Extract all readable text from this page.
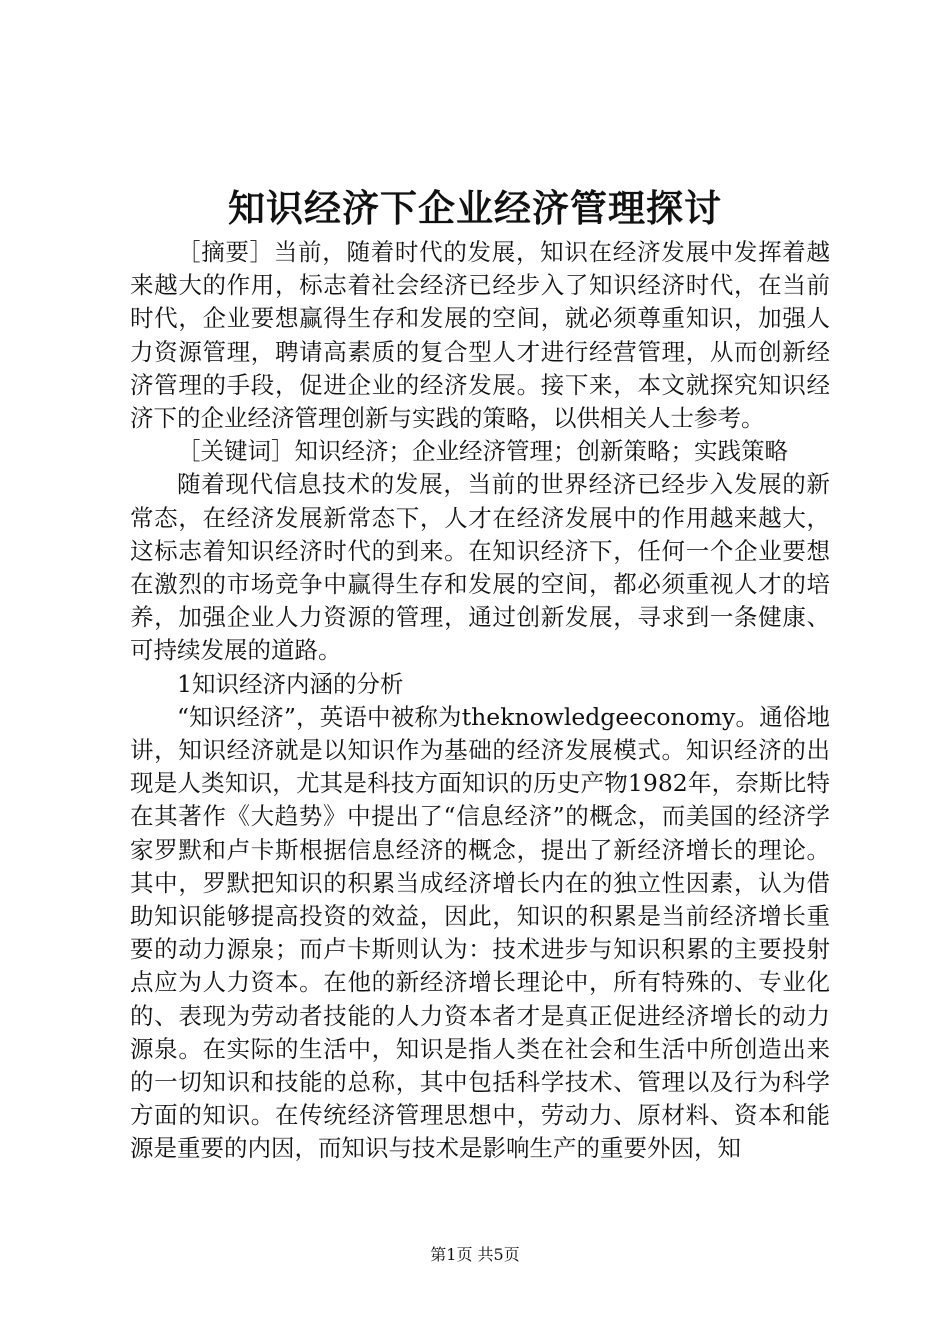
知识经济下企业经济管理探讨

［摘要］当前，随着时代的发展，知识在经济发展中发挥着越来越大的作用，标志着社会经济已经步入了知识经济时代，在当前时代，企业要想赢得生存和发展的空间，就必须尊重知识，加强人力资源管理，聘请高素质的复合型人才进行经营管理，从而创新经济管理的手段，促进企业的经济发展。接下来，本文就探究知识经济下的企业经济管理创新与实践的策略，以供相关人士参考。

［关键词］知识经济；企业经济管理；创新策略；实践策略

随着现代信息技术的发展，当前的世界经济已经步入发展的新常态，在经济发展新常态下，人才在经济发展中的作用越来越大，这标志着知识经济时代的到来。在知识经济下，任何一个企业要想在激烈的市场竞争中赢得生存和发展的空间，都必须重视人才的培养，加强企业人力资源的管理，通过创新发展，寻求到一条健康、可持续发展的道路。

1知识经济内涵的分析

“知识经济”，英语中被称为theknowledgeeconomy。通俗地讲，知识经济就是以知识作为基础的经济发展模式。知识经济的出现是人类知识，尤其是科技方面知识的历史产物1982年，奈斯比特在其著作《大趋势》中提出了“信息经济”的概念，而美国的经济学家罗默和卢卡斯根据信息经济的概念，提出了新经济增长的理论。其中，罗默把知识的积累当成经济增长内在的独立性因素，认为借助知识能够提高投资的效益，因此，知识的积累是当前经济增长重要的动力源泉；而卢卡斯则认为：技术进步与知识积累的主要投射点应为人力资本。在他的新经济增长理论中，所有特殊的、专业化的、表现为劳动者技能的人力资本者才是真正促进经济增长的动力源泉。在实际的生活中，知识是指人类在社会和生活中所创造出来的一切知识和技能的总称，其中包括科学技术、管理以及行为科学方面的知识。在传统经济管理思想中，劳动力、原材料、资本和能源是重要的内因，而知识与技术是影响生产的重要外因，知

第1页 共5页
